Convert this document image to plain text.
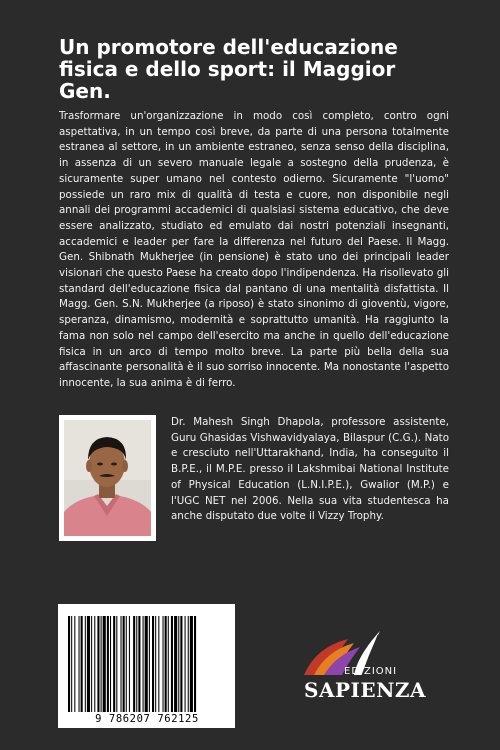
Un promotore dell'educazione fisica e dello sport: il Maggior Gen.

Trasformare un'organizzazione in modo così completo, contro ogni aspettativa, in un tempo così breve, da parte di una persona totalmente estranea al settore, in un ambiente estraneo, senza senso della disciplina, in assenza di un severo manuale legale a sostegno della prudenza, è sicuramente super umano nel contesto odierno. Sicuramente "l'uomo" possiede un raro mix di qualità di testa e cuore, non disponibile negli annali dei programmi accademici di qualsiasi sistema educativo, che deve essere analizzato, studiato ed emulato dai nostri potenziali insegnanti, accademici e leader per fare la differenza nel futuro del Paese. Il Magg. Gen. Shibnath Mukherjee (in pensione) è stato uno dei principali leader visionari che questo Paese ha creato dopo l'indipendenza. Ha risollevato gli standard dell'educazione fisica dal pantano di una mentalità disfattista. Il Magg. Gen. S.N. Mukherjee (a riposo) è stato sinonimo di gioventù, vigore, speranza, dinamismo, modernità e soprattutto umanità. Ha raggiunto la fama non solo nel campo dell'esercito ma anche in quello dell'educazione fisica in un arco di tempo molto breve. La parte più bella della sua affascinante personalità è il suo sorriso innocente. Ma nonostante l'aspetto innocente, la sua anima è di ferro.

Dr. Mahesh Singh Dhapola, professore assistente, Guru Ghasidas Vishwavidyalaya, Bilaspur (C.G.). Nato e cresciuto nell'Uttarakhand, India, ha conseguito il B.P.E., il M.P.E. presso il Lakshmibai National Institute of Physical Education (L.N.I.P.E.), Gwalior (M.P.) e l'UGC NET nel 2006. Nella sua vita studentesca ha anche disputato due volte il Vizzy Trophy.

9 786207 762125
EDIZIONI
SAPIENZA
